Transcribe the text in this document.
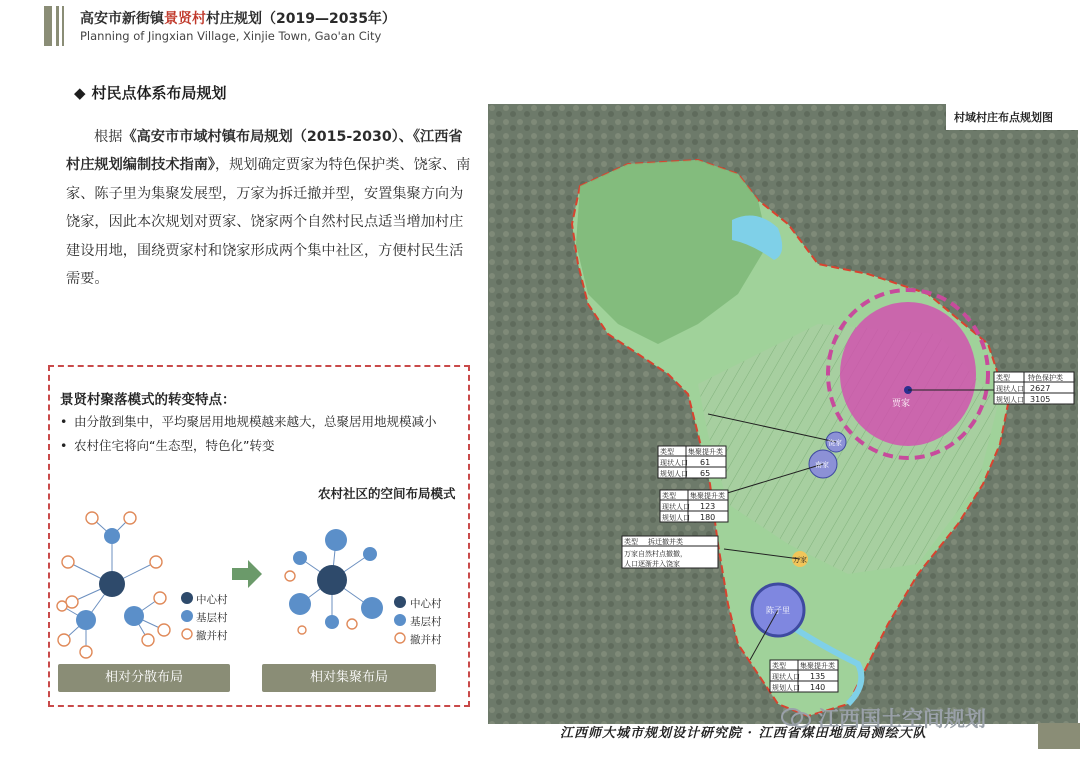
高安市新街镇景贤村村庄规划（2019—2035年）
Planning of Jingxian Village, Xinjie Town, Gao'an City
◆ 村民点体系布局规划
根据《高安市市域村镇布局规划（2015-2030）、《江西省村庄规划编制技术指南》，规划确定贾家为特色保护类、饶家、南家、陈子里为集聚发展型，万家为拆迁撤并型，安置集聚方向为饶家，因此本次规划对贾家、饶家两个自然村民点适当增加村庄建设用地，围绕贾家村和饶家形成两个集中社区，方便村民生活需要。
景贤村聚落模式的转变特点：
• 由分散到集中，平均聚居用地规模越来越大，总聚居用地规模减小
• 农村住宅将向“生态型，特色化”转变
农村社区的空间布局模式
中心村
基层村
撤并村
中心村
基层村
撤并村
相对分散布局	相对集聚布局
村域村庄布点规划图
贾家
饶家
南家
万家
陈子里
类型	特色保护类
现状人口 2627
规划人口 3105
类型 集聚提升类
现状人口 61
规划人口 65
类型 集聚提升类
现状人口 123
规划人口 180
类型 拆迁撤并类
万家自然村点撤撤，
人口逐渐并入饶家
类型 集聚提升类
现状人口 135
规划人口 140
江西师大城市规划设计研究院 · 江西省煤田地质局测绘大队
江西国土空间规划
